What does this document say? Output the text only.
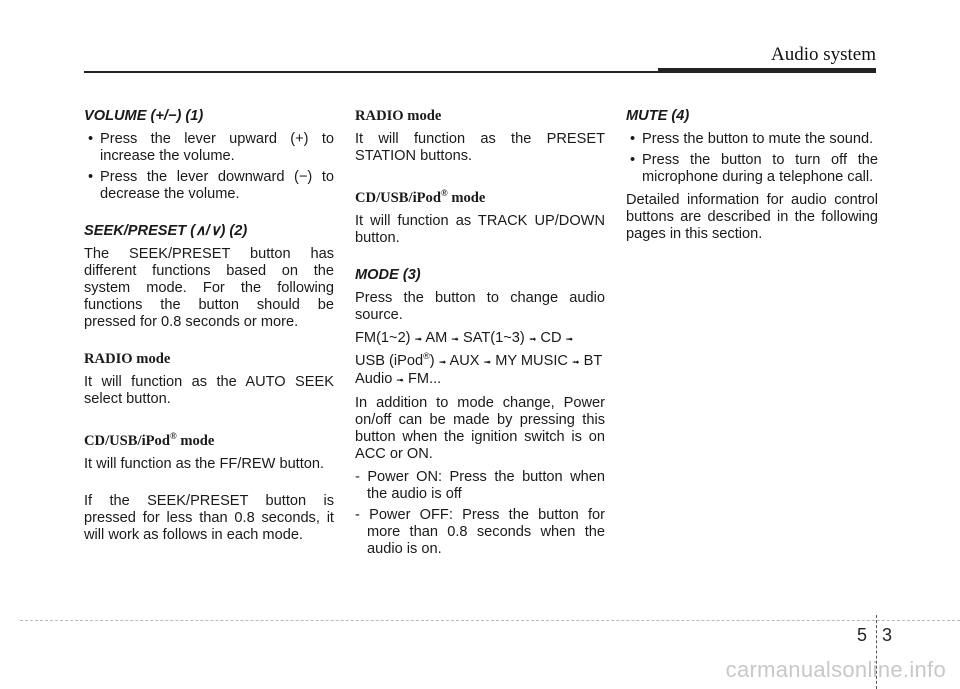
Audio system
VOLUME (+/−) (1)
• Press the lever upward (+) to increase the volume.
• Press the lever downward (−) to decrease the volume.
SEEK/PRESET (∧/∨) (2)

The SEEK/PRESET button has different functions based on the system mode. For the following functions the button should be pressed for 0.8 seconds or more.

RADIO mode

It will function as the AUTO SEEK select button.

CD/USB/iPod® mode

It will function as the FF/REW button.

If the SEEK/PRESET button is pressed for less than 0.8 seconds, it will work as follows in each mode.

RADIO mode

It will function as the PRESET STATION buttons.

CD/USB/iPod® mode

It will function as TRACK UP/DOWN button.

MODE (3)

Press the button to change audio source.

FM(1~2) ➟ AM ➟ SAT(1~3) ➟ CD ➟ USB (iPod®) ➟ AUX ➟ MY MUSIC ➟ BT Audio ➟ FM...

In addition to mode change, Power on/off can be made by pressing this button when the ignition switch is on ACC or ON.

- Power ON: Press the button when the audio is off
- Power OFF: Press the button for more than 0.8 seconds when the audio is on.
MUTE (4)
• Press the button to mute the sound.
• Press the button to turn off the microphone during a telephone call.

Detailed information for audio control buttons are described in the following pages in this section.

5 3
carmanualsonline.info
